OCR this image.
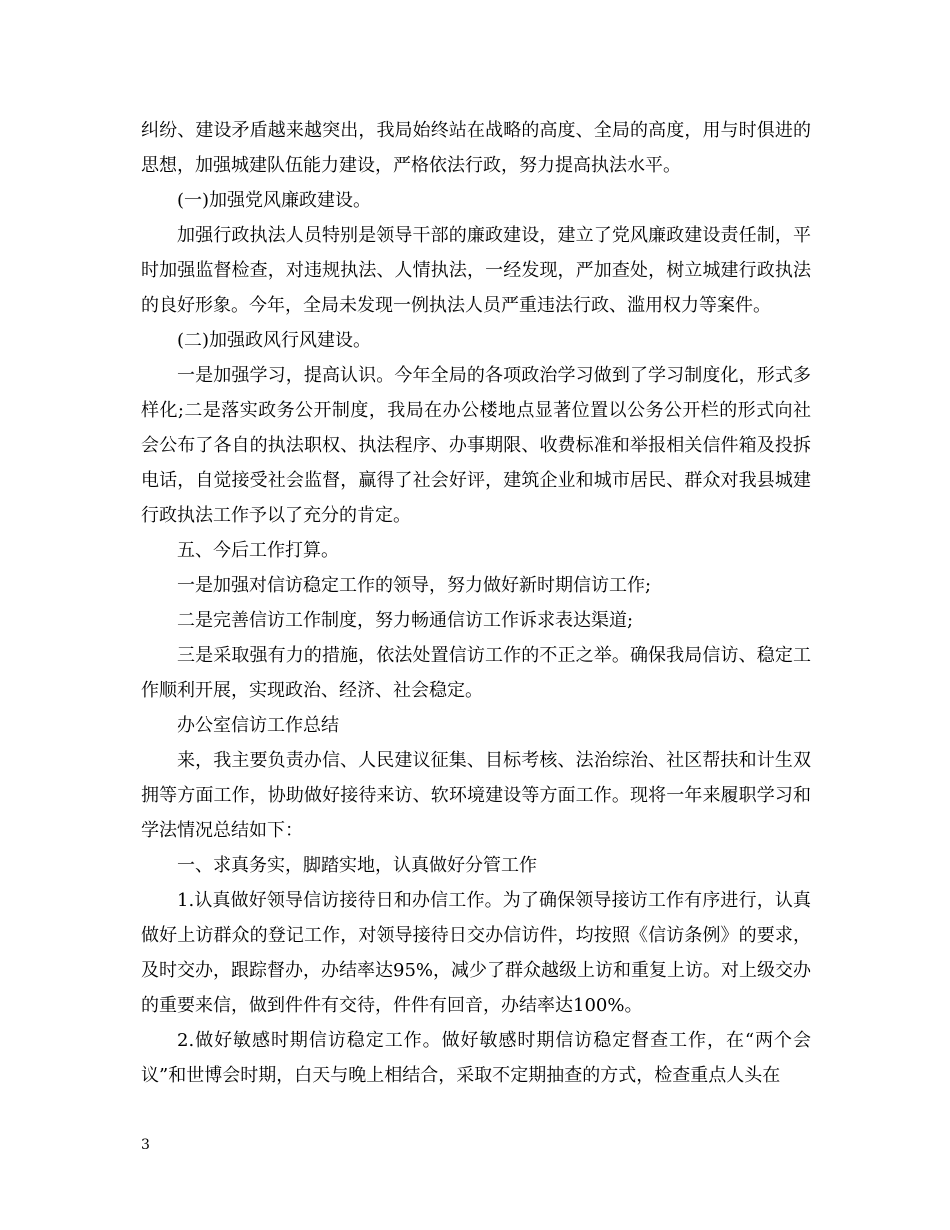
纠纷、建设矛盾越来越突出，我局始终站在战略的高度、全局的高度，用与时俱进的思想，加强城建队伍能力建设，严格依法行政，努力提高执法水平。

(一)加强党风廉政建设。

加强行政执法人员特别是领导干部的廉政建设，建立了党风廉政建设责任制，平时加强监督检查，对违规执法、人情执法，一经发现，严加查处，树立城建行政执法的良好形象。今年，全局未发现一例执法人员严重违法行政、滥用权力等案件。

(二)加强政风行风建设。

一是加强学习，提高认识。今年全局的各项政治学习做到了学习制度化，形式多样化;二是落实政务公开制度，我局在办公楼地点显著位置以公务公开栏的形式向社会公布了各自的执法职权、执法程序、办事期限、收费标准和举报相关信件箱及投拆电话，自觉接受社会监督，赢得了社会好评，建筑企业和城市居民、群众对我县城建行政执法工作予以了充分的肯定。

五、今后工作打算。

一是加强对信访稳定工作的领导，努力做好新时期信访工作;

二是完善信访工作制度，努力畅通信访工作诉求表达渠道;

三是采取强有力的措施，依法处置信访工作的不正之举。确保我局信访、稳定工作顺利开展，实现政治、经济、社会稳定。

办公室信访工作总结

来，我主要负责办信、人民建议征集、目标考核、法治综治、社区帮扶和计生双拥等方面工作，协助做好接待来访、软环境建设等方面工作。现将一年来履职学习和学法情况总结如下：

一、求真务实，脚踏实地，认真做好分管工作

1.认真做好领导信访接待日和办信工作。为了确保领导接访工作有序进行，认真做好上访群众的登记工作，对领导接待日交办信访件，均按照《信访条例》的要求，及时交办，跟踪督办，办结率达95%，减少了群众越级上访和重复上访。对上级交办的重要来信，做到件件有交待，件件有回音，办结率达100%。

2.做好敏感时期信访稳定工作。做好敏感时期信访稳定督查工作，在“两个会议”和世博会时期，白天与晚上相结合，采取不定期抽查的方式，检查重点人头在

3
